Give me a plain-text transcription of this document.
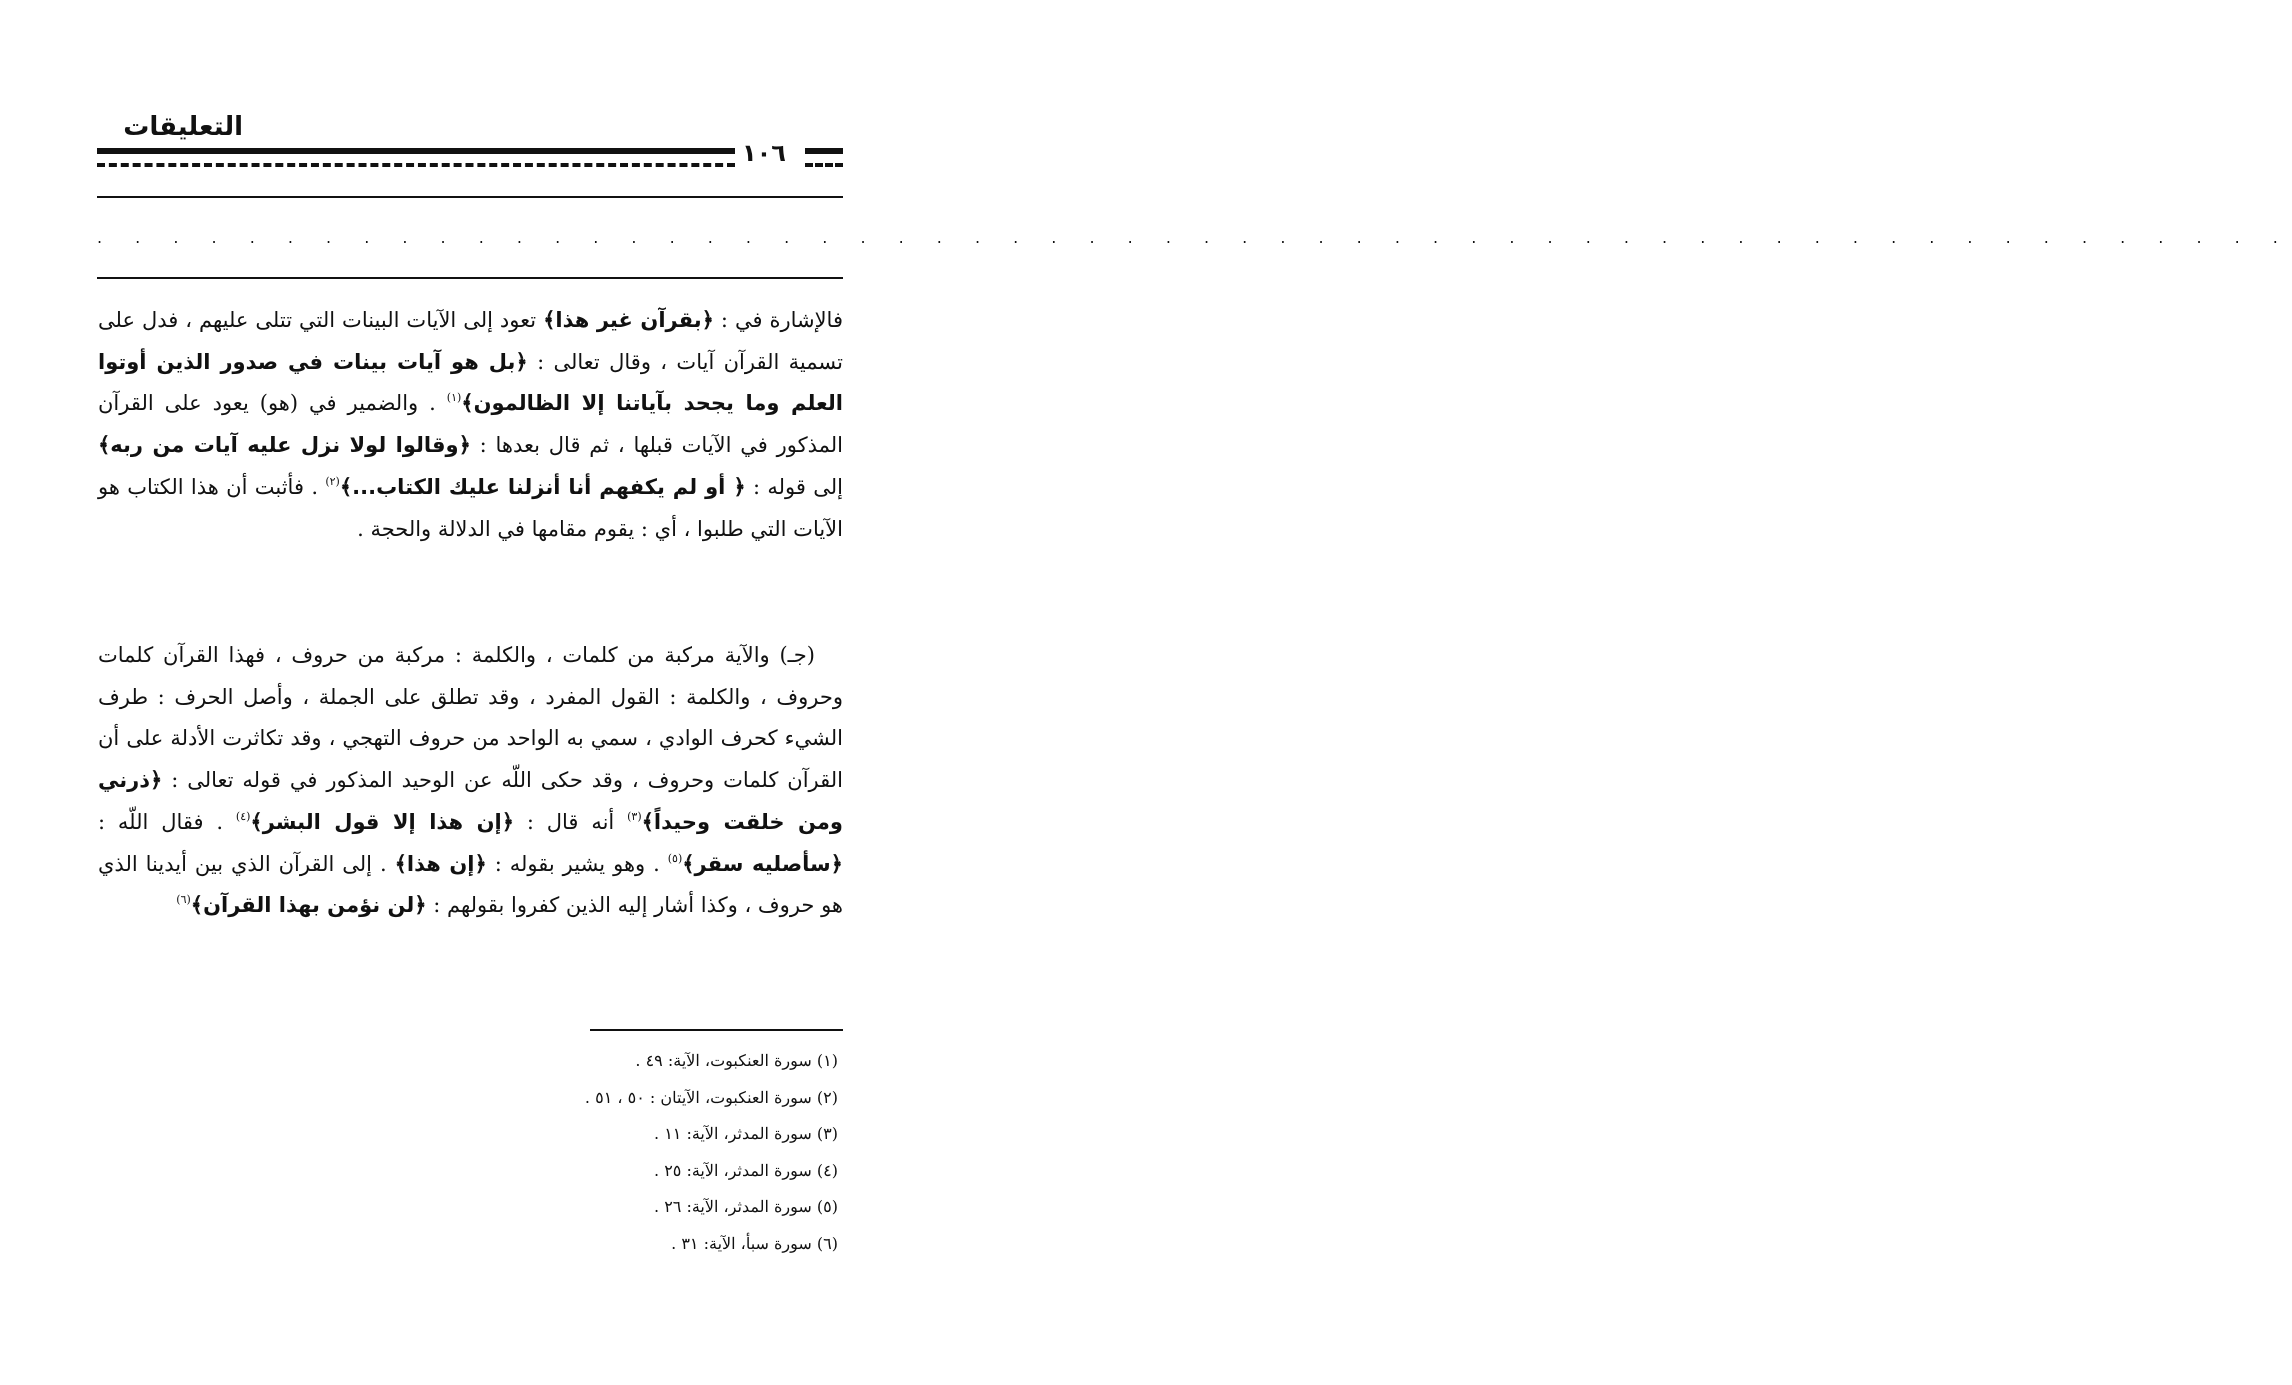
التعليقات
١٠٦
. . . . . . . . . . . . . . . . . . . . . . . . . . . . . . . . . . . . . . . . . . . . . . . . . . . . . . . . . .

فالإشارة في : ﴿بقرآن غير هذا﴾ تعود إلى الآيات البينات التي تتلى عليهم ، فدل على تسمية القرآن آيات ، وقال تعالى : ﴿بل هو آيات بينات في صدور الذين أوتوا العلم وما يجحد بآياتنا إلا الظالمون﴾$^{(١)}$ . والضمير في (هو) يعود على القرآن المذكور في الآيات قبلها ، ثم قال بعدها : ﴿وقالوا لولا نزل عليه آيات من ربه﴾ إلى قوله : ﴿ أو لم يكفهم أنا أنزلنا عليك الكتاب...﴾$^{(٢)}$ . فأثبت أن هذا الكتاب هو الآيات التي طلبوا ، أي : يقوم مقامها في الدلالة والحجة .

(جـ) والآية مركبة من كلمات ، والكلمة : مركبة من حروف ، فهذا القرآن كلمات وحروف ، والكلمة : القول المفرد ، وقد تطلق على الجملة ، وأصل الحرف : طرف الشيء كحرف الوادي ، سمي به الواحد من حروف التهجي ، وقد تكاثرت الأدلة على أن القرآن كلمات وحروف ، وقد حكى اللّه عن الوحيد المذكور في قوله تعالى : ﴿ذرني ومن خلقت وحيداً﴾$^{(٣)}$ أنه قال : ﴿إن هذا إلا قول البشر﴾$^{(٤)}$ . فقال اللّه : ﴿سأصليه سقر﴾$^{(٥)}$ . وهو يشير بقوله : ﴿إن هذا﴾ . إلى القرآن الذي بين أيدينا الذي هو حروف ، وكذا أشار إليه الذين كفروا بقولهم : ﴿لن نؤمن بهذا القرآن﴾$^{(٦)}$

(١) سورة العنكبوت، الآية: ٤٩ .
(٢) سورة العنكبوت، الآيتان : ٥٠ ، ٥١ .
(٣) سورة المدثر، الآية: ١١ .
(٤) سورة المدثر، الآية: ٢٥ .
(٥) سورة المدثر، الآية: ٢٦ .
(٦) سورة سبأ، الآية: ٣١ .
